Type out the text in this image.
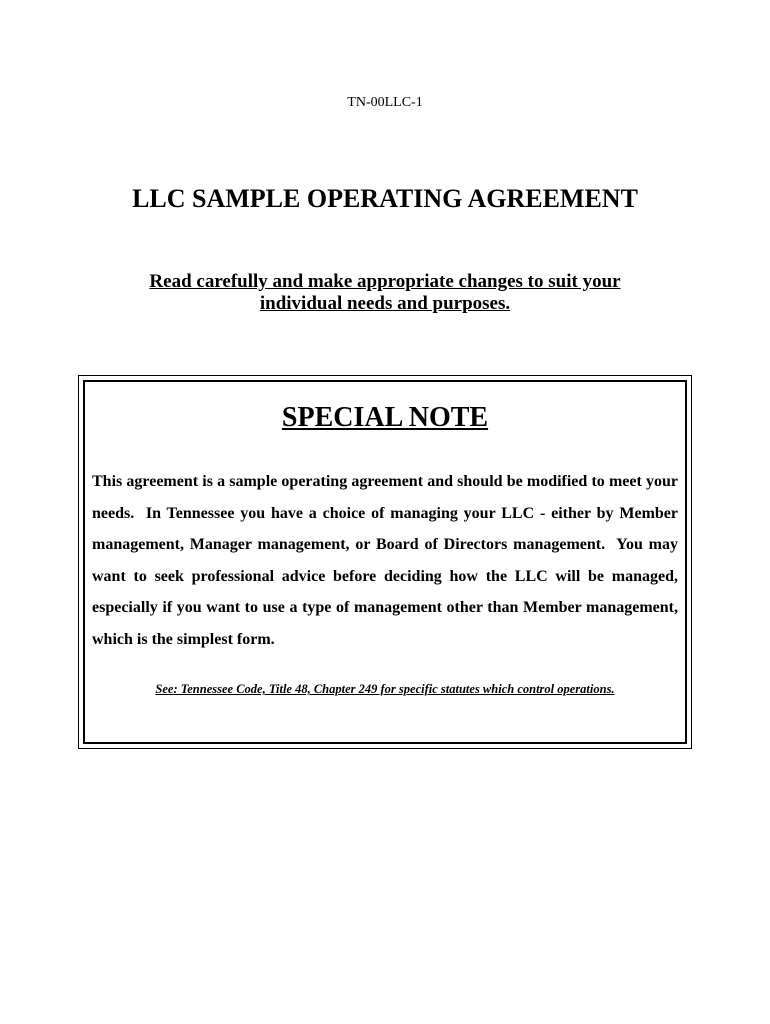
TN-00LLC-1
LLC SAMPLE OPERATING AGREEMENT
Read carefully and make appropriate changes to suit your individual needs and purposes.
SPECIAL NOTE

This agreement is a sample operating agreement and should be modified to meet your needs.  In Tennessee you have a choice of managing your LLC - either by Member management, Manager management, or Board of Directors management.  You may want to seek professional advice before deciding how the LLC will be managed, especially if you want to use a type of management other than Member management, which is the simplest form.

See: Tennessee Code, Title 48, Chapter 249 for specific statutes which control operations.
